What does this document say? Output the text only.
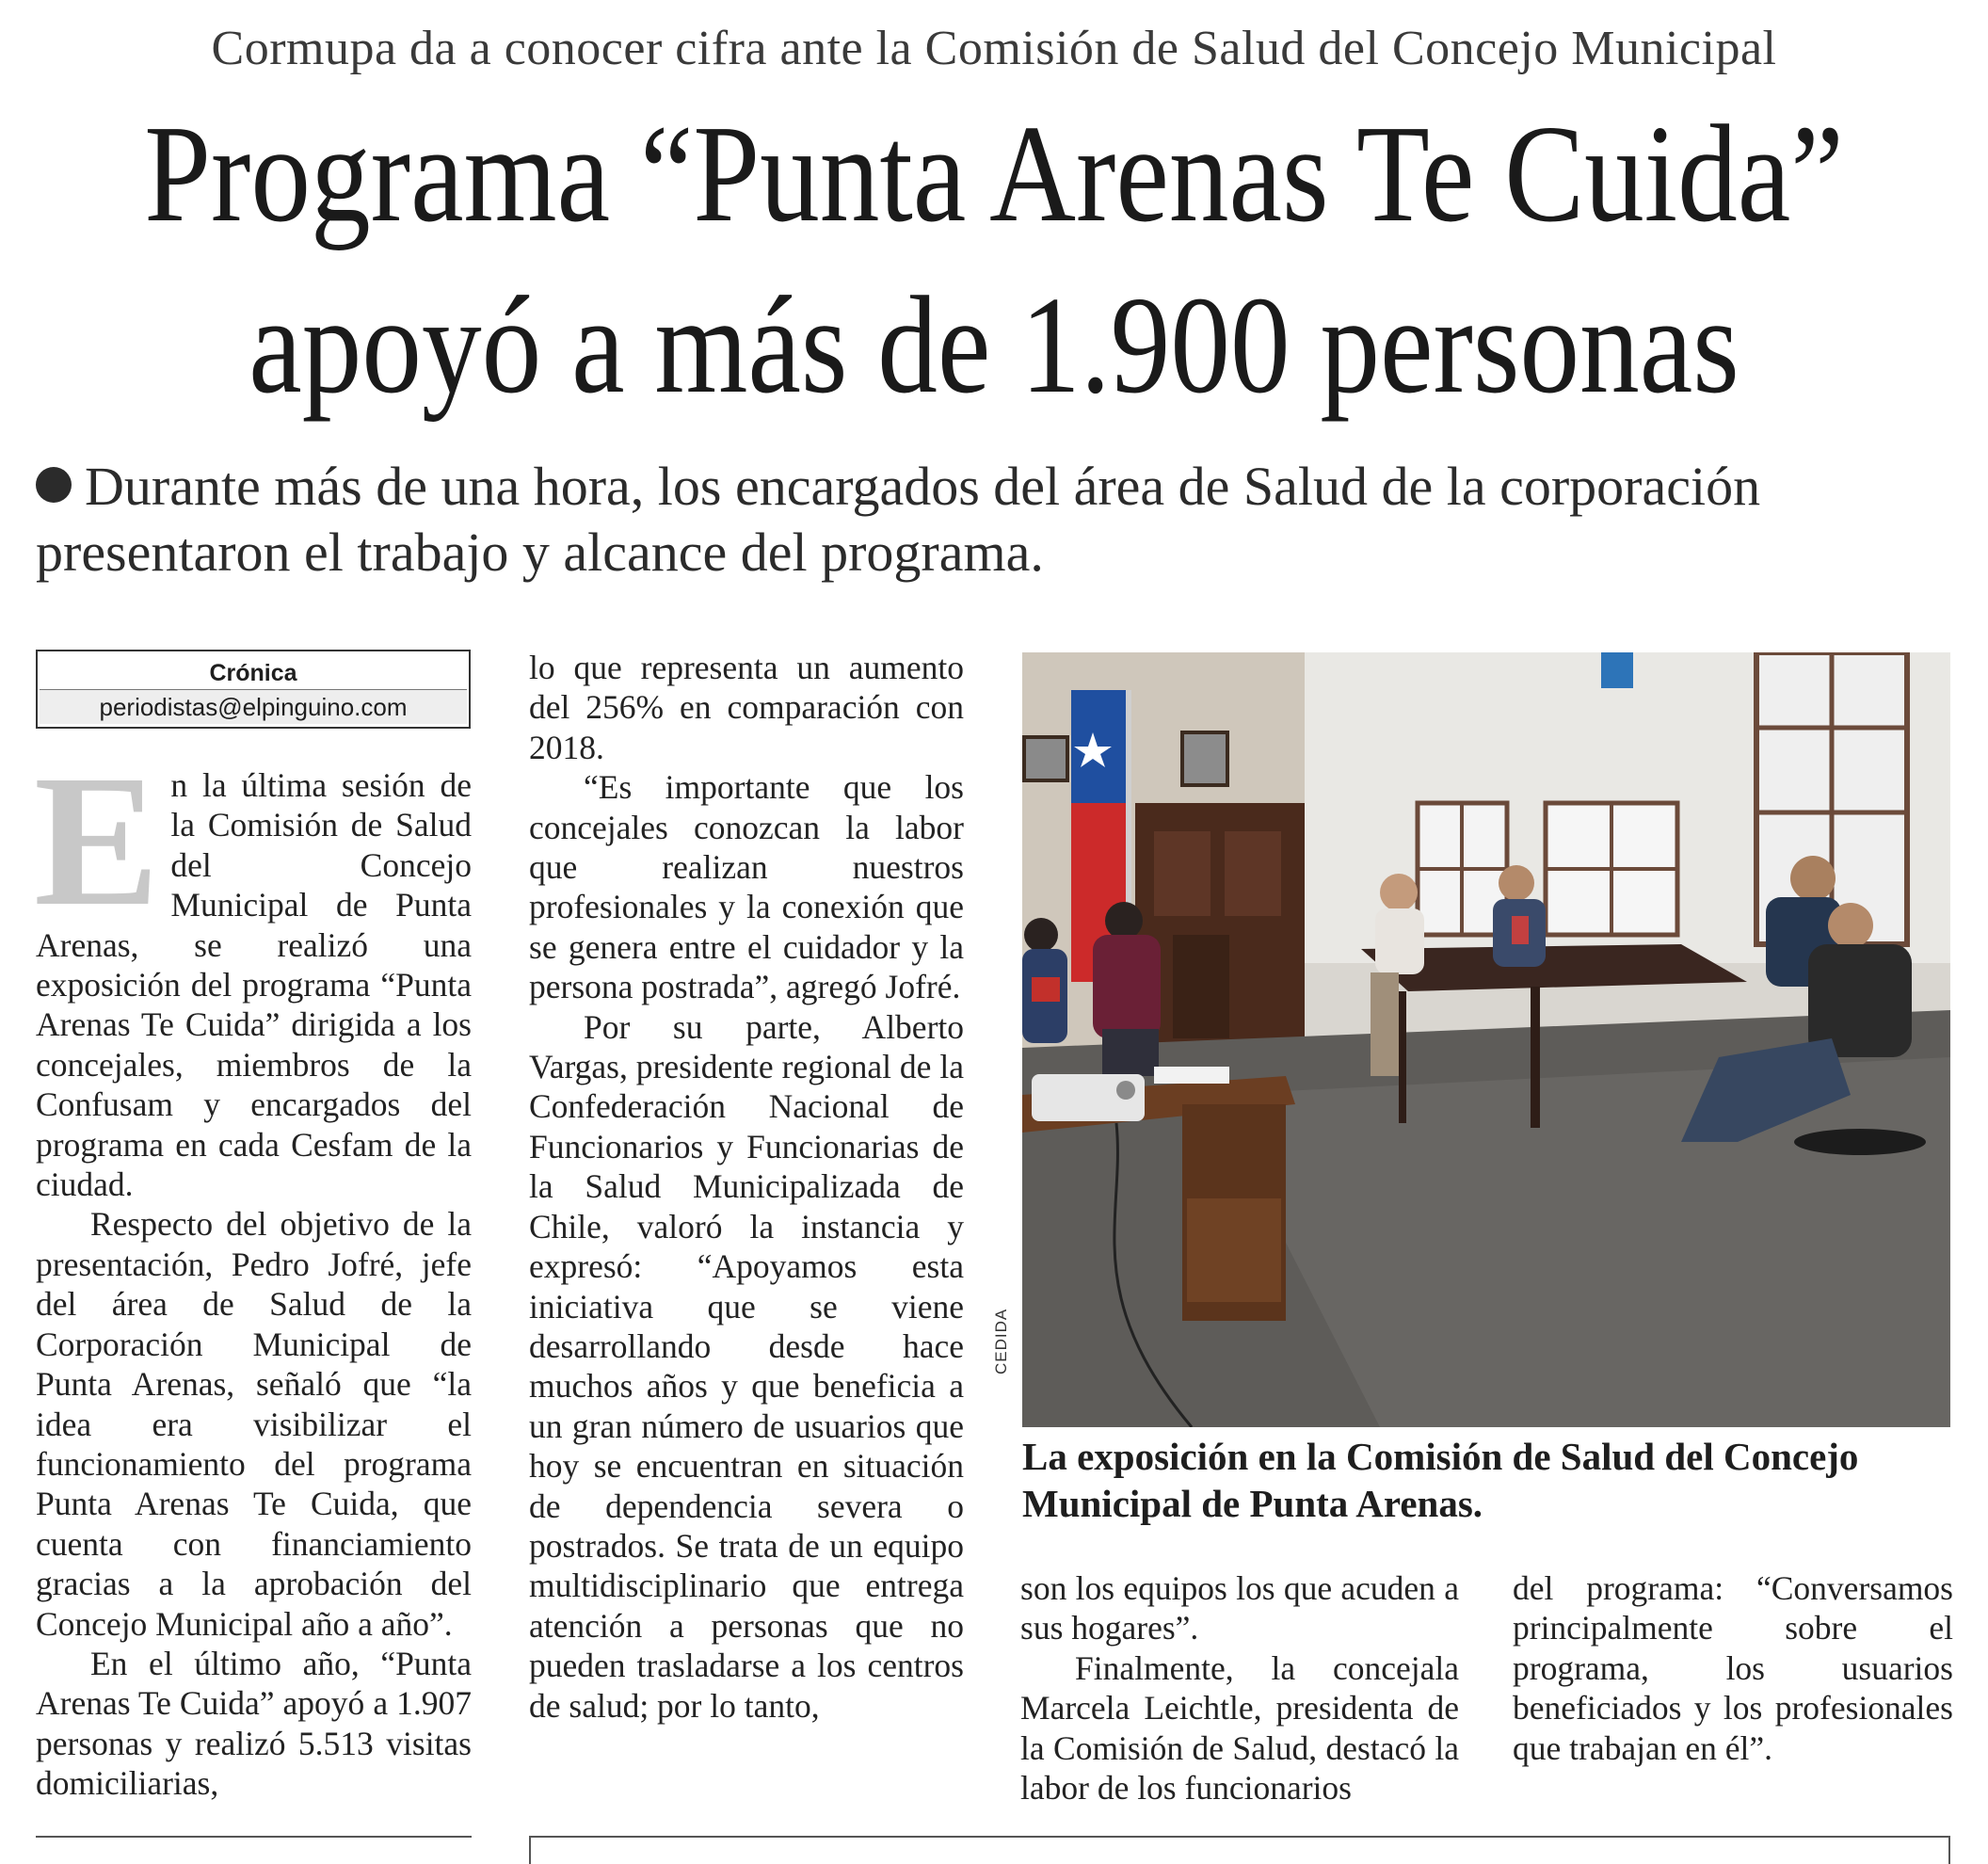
Cormupa da a conocer cifra ante la Comisión de Salud del Concejo Municipal
Programa “Punta Arenas Te Cuida”
apoyó a más de 1.900 personas
Durante más de una hora, los encargados del área de Salud de la corporación presentaron el trabajo y alcance del programa.
Crónica
periodistas@elpinguino.com

En la última sesión de la Comisión de Salud del Concejo Municipal de Punta Arenas, se realizó una exposición del programa “Punta Arenas Te Cuida” dirigida a los concejales, miembros de la Confusam y encargados del programa en cada Cesfam de la ciudad.

Respecto del objetivo de la presentación, Pedro Jofré, jefe del área de Salud de la Corporación Municipal de Punta Arenas, señaló que “la idea era visibilizar el funcionamiento del programa Punta Arenas Te Cuida, que cuenta con financiamiento gracias a la aprobación del Concejo Municipal año a año”.

En el último año, “Punta Arenas Te Cuida” apoyó a 1.907 personas y realizó 5.513 visitas domiciliarias,

lo que representa un aumento del 256% en comparación con 2018.

“Es importante que los concejales conozcan la labor que realizan nuestros profesionales y la conexión que se genera entre el cuidador y la persona postrada”, agregó Jofré.

Por su parte, Alberto Vargas, presidente regional de la Confederación Nacional de Funcionarios y Funcionarias de la Salud Municipalizada de Chile, valoró la instancia y expresó: “Apoyamos esta iniciativa que se viene desarrollando desde hace muchos años y que beneficia a un gran número de usuarios que hoy se encuentran en situación de dependencia severa o postrados. Se trata de un equipo multidisciplinario que entrega atención a personas que no pueden trasladarse a los centros de salud; por lo tanto,

CEDIDA
La exposición en la Comisión de Salud del Concejo Municipal de Punta Arenas.

son los equipos los que acuden a sus hogares”.

Finalmente, la concejala Marcela Leichtle, presidenta de la Comisión de Salud, destacó la labor de los funcionarios

del programa: “Conversamos principalmente sobre el programa, los usuarios beneficiados y los profesionales que trabajan en él”.
